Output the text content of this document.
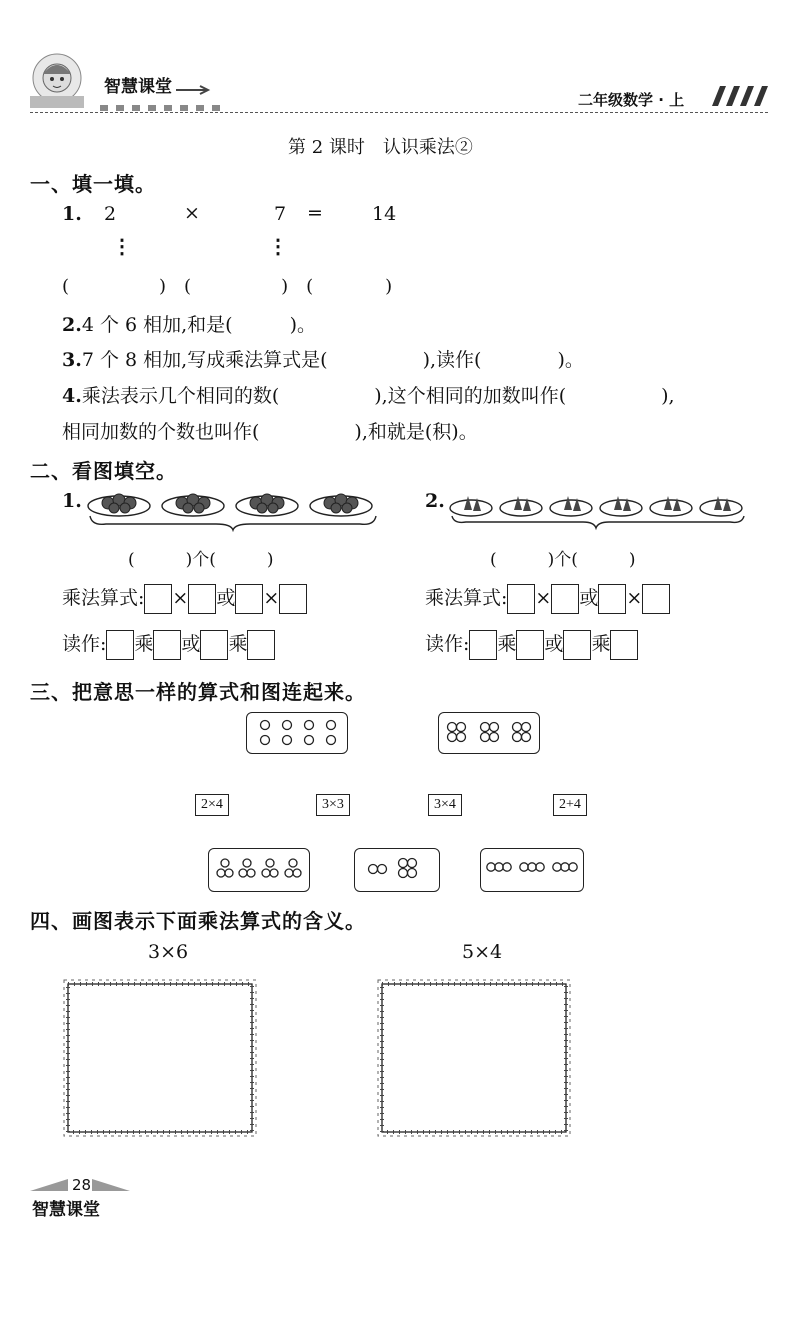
智慧课堂
二年级数学 · 上
第 2 课时　认识乘法②
一、填一填。
1. 2	×	7 =	14
⋮	⋮
(　　　　　)　(　　　　　)　(　　　　)
2.4 个 6 相加,和是(　　　)。
3.7 个 8 相加,写成乘法算式是(　　　　　),读作(　　　　)。
4.乘法表示几个相同的数(　　　　　),这个相同的加数叫作(　　　　　),
相同加数的个数也叫作(　　　　　),和就是(积)。
二、看图填空。
1.
(　　　)个(　　　)
乘法算式: × 或 ×
读作: 乘 或 乘
2.
(　　　)个(　　　)
乘法算式: × 或 ×
读作: 乘 或 乘
三、把意思一样的算式和图连起来。
2×4	3×3	3×4	2+4
四、画图表示下面乘法算式的含义。
3×6	5×4
28
智慧课堂
